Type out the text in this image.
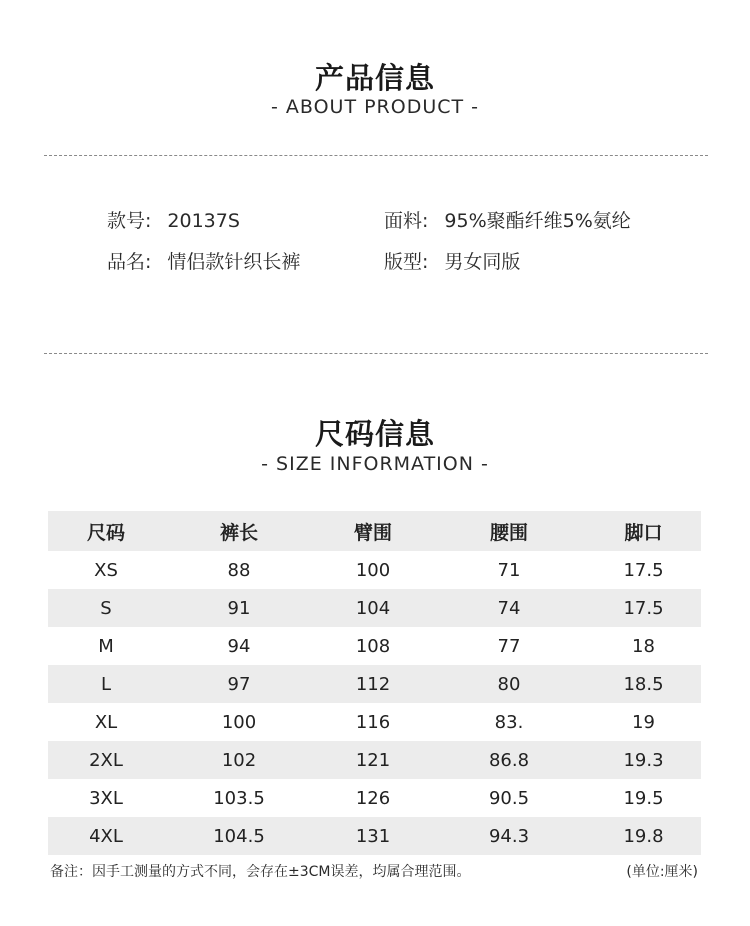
产品信息
- ABOUT PRODUCT -
款号: 20137S	面料: 95%聚酯纤维5%氨纶
品名: 情侣款针织长裤	版型: 男女同版
尺码信息
- SIZE INFORMATION -
尺码	裤长	臂围	腰围	脚口
XS	88	100	71	17.5
S	91	104	74	17.5
M	94	108	77	18
L	97	112	80	18.5
XL	100	116	83.	19
2XL	102	121	86.8	19.3
3XL	103.5	126	90.5	19.5
4XL	104.5	131	94.3	19.8
备注：因手工测量的方式不同，会存在±3CM误差，均属合理范围。	(单位:厘米)
